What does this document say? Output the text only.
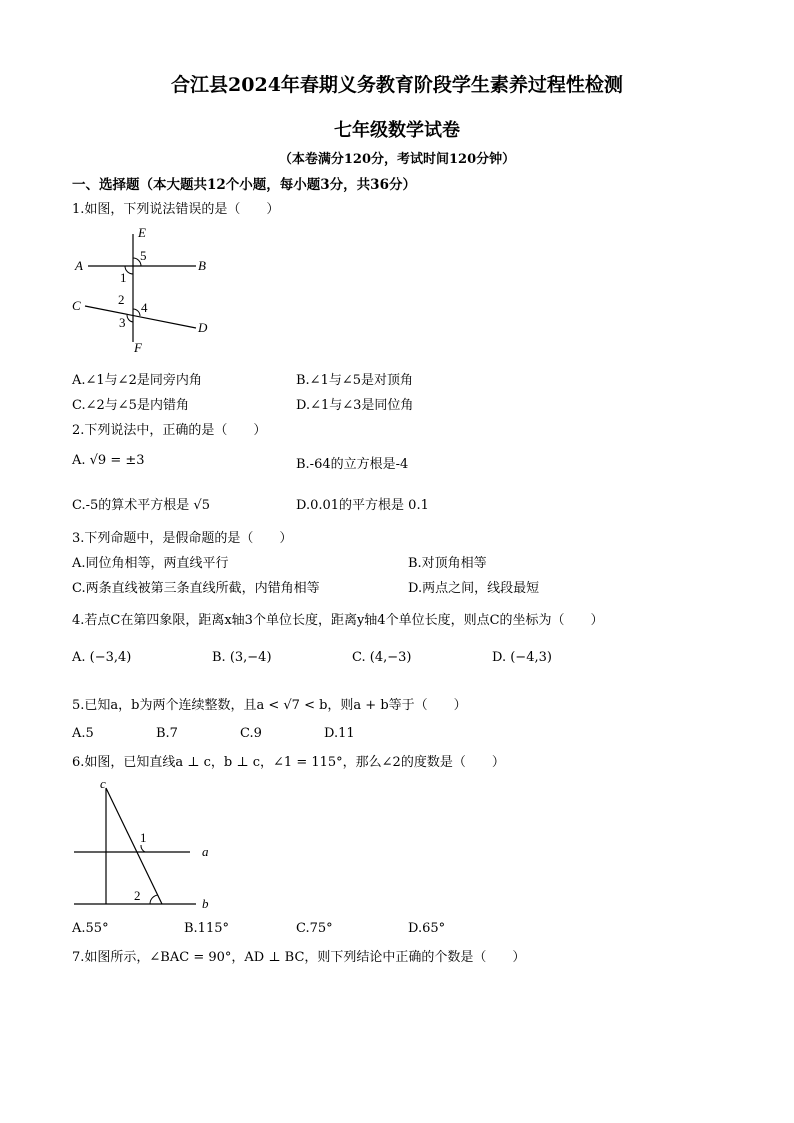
合江县2024年春期义务教育阶段学生素养过程性检测
七年级数学试卷
（本卷满分120分，考试时间120分钟）
一、选择题（本大题共12个小题，每小题3分，共36分）
1.如图，下列说法错误的是（　　）
E
A	B
5
1
C	2
4
3	D
F
A.∠1与∠2是同旁内角	B.∠1与∠5是对顶角
C.∠2与∠5是内错角	D.∠1与∠3是同位角
2.下列说法中，正确的是（　　）
A. √9 = ±3	B.-64的立方根是-4
C.-5的算术平方根是 √5	D.0.01的平方根是 0.1
3.下列命题中，是假命题的是（　　）
A.同位角相等，两直线平行	B.对顶角相等
C.两条直线被第三条直线所截，内错角相等	D.两点之间，线段最短
4.若点C在第四象限，距离x轴3个单位长度，距离y轴4个单位长度，则点C的坐标为（　　）
A. (−3,4)	B. (3,−4)	C. (4,−3)	D. (−4,3)
5.已知a，b为两个连续整数，且a < √7 < b，则a + b等于（　　）
A.5	B.7	C.9	D.11
6.如图，已知直线a ⊥ c，b ⊥ c，∠1 = 115°，那么∠2的度数是（　　）
c
a
b
1
2
A.55°	B.115°	C.75°	D.65°
7.如图所示，∠BAC = 90°，AD ⊥ BC，则下列结论中正确的个数是（　　）
